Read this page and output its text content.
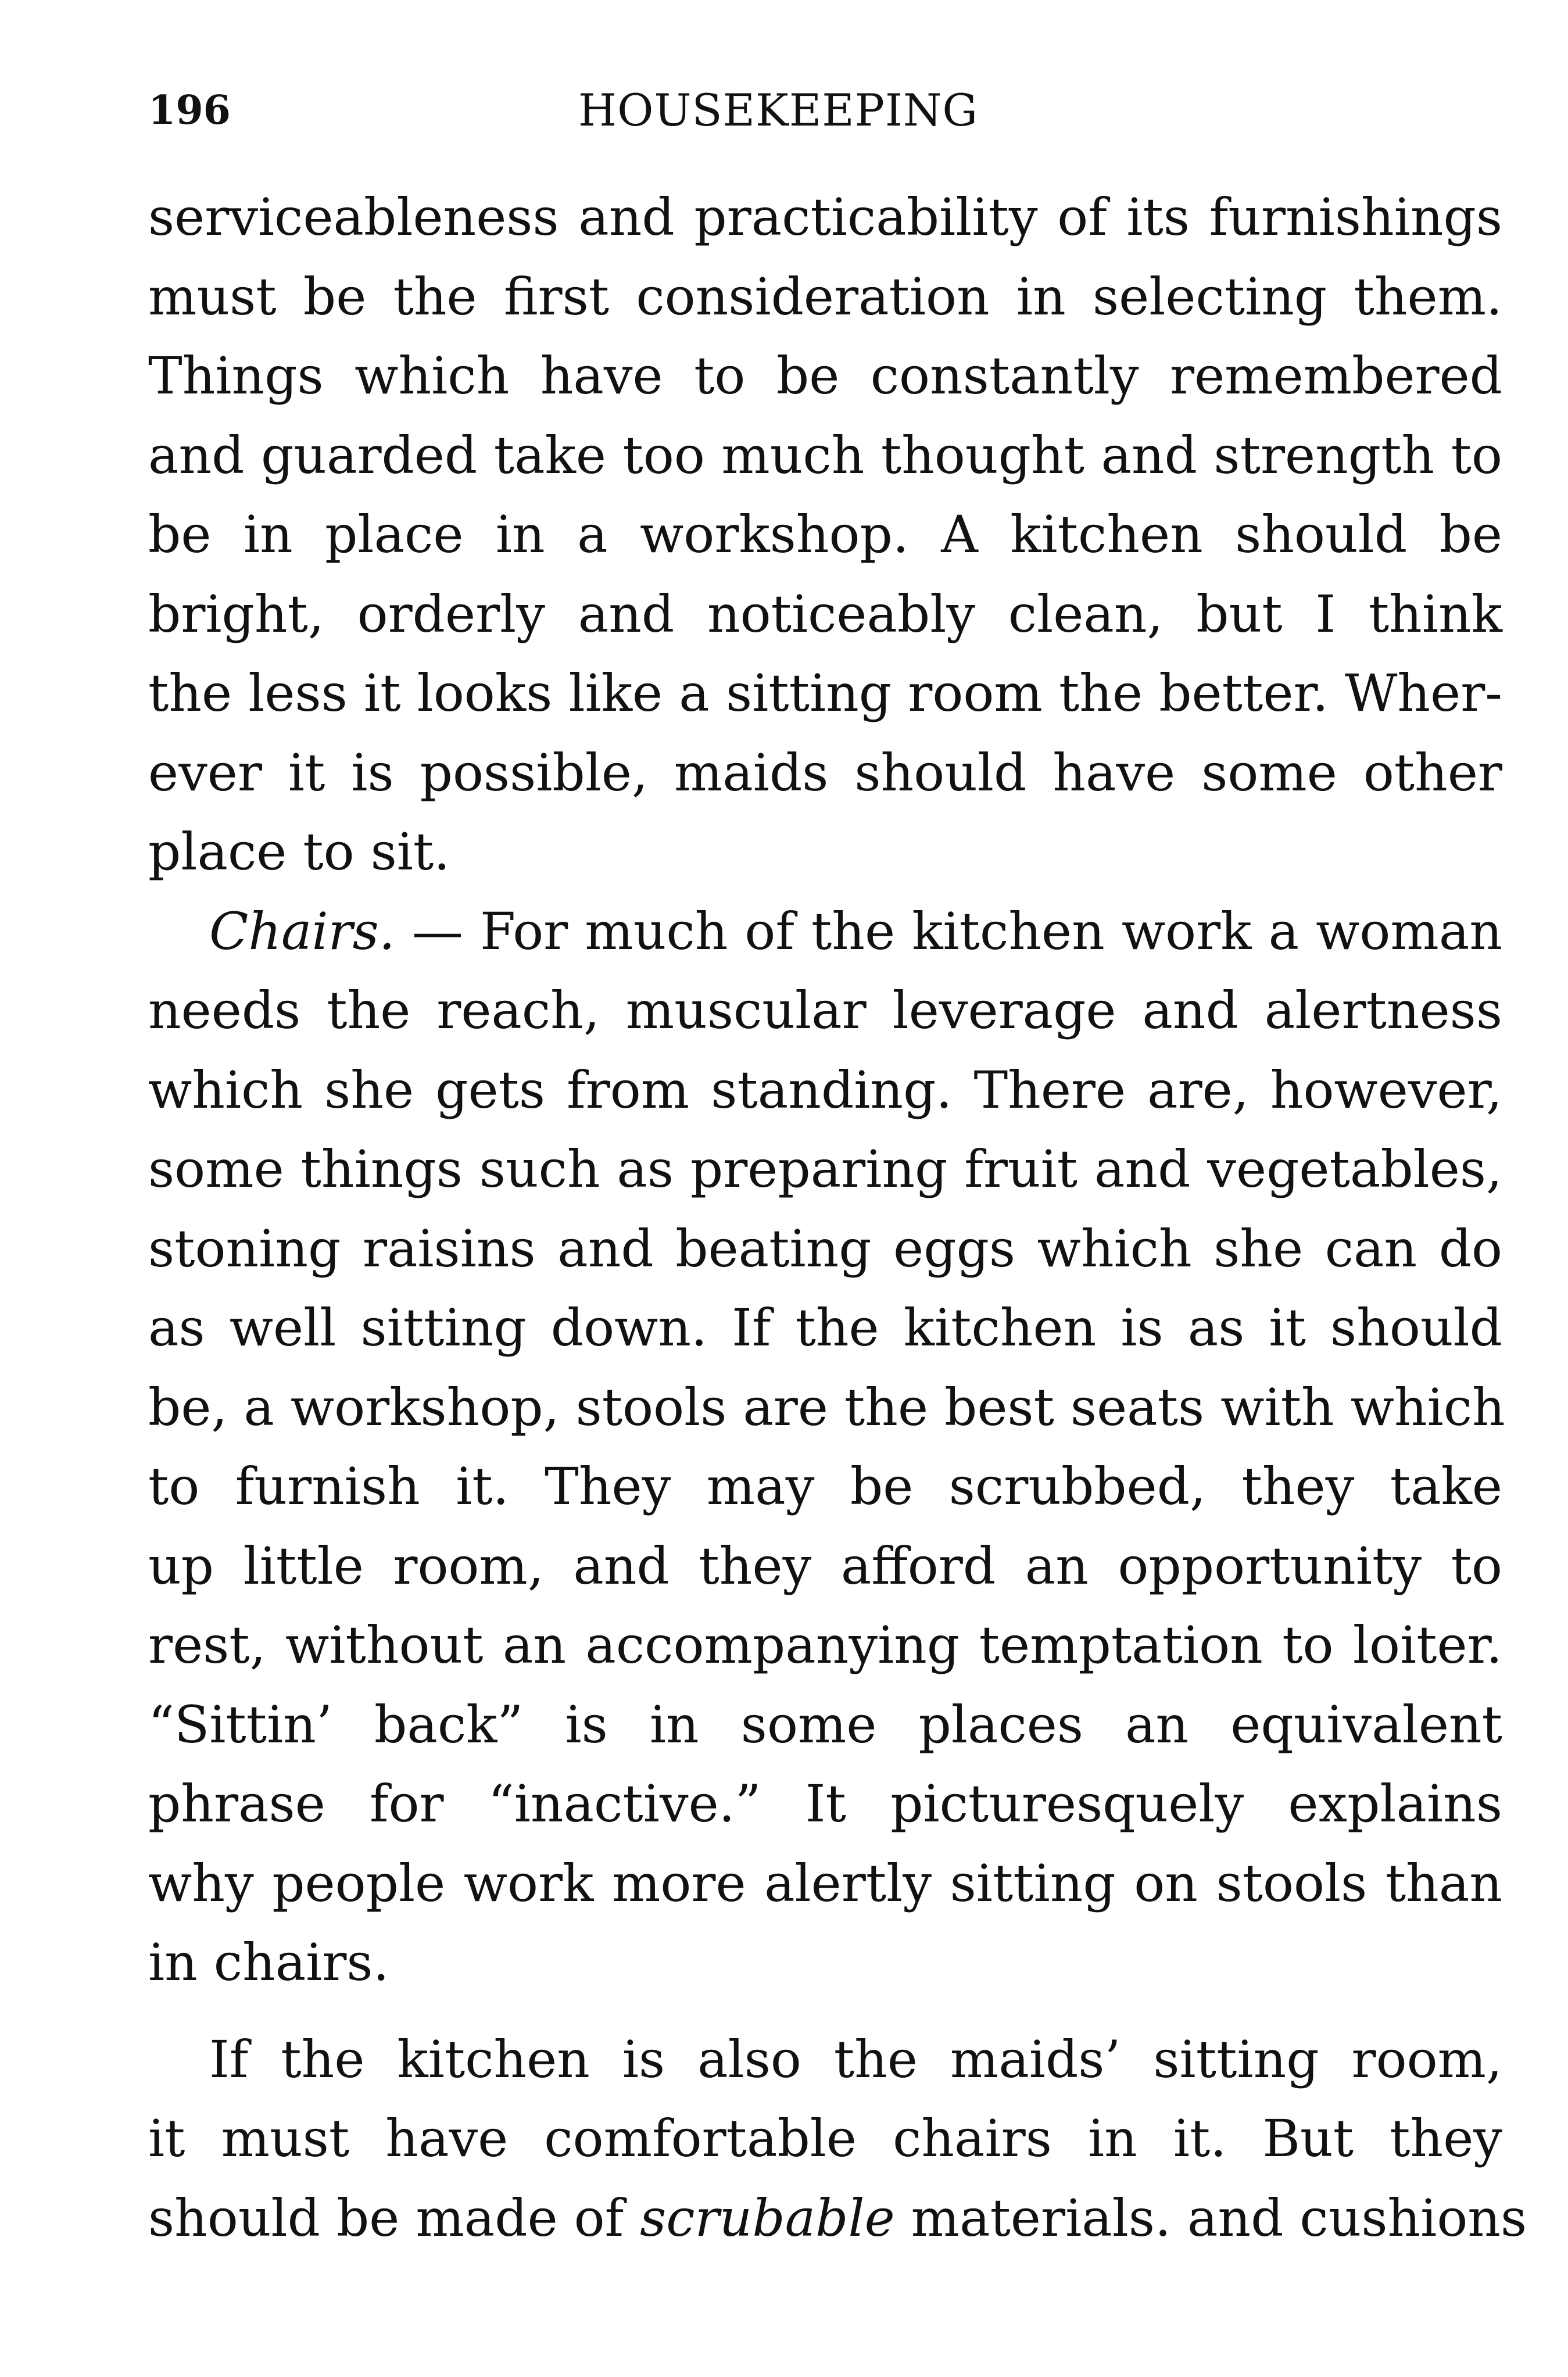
196	HOUSEKEEPING
serviceableness and practicability of its furnishings
must be the first consideration in selecting them.
Things which have to be constantly remembered
and guarded take too much thought and strength to
be in place in a workshop. A kitchen should be
bright, orderly and noticeably clean, but I think
the less it looks like a sitting room the better. Wher-
ever it is possible, maids should have some other
place to sit.
Chairs. — For much of the kitchen work a woman
needs the reach, muscular leverage and alertness
which she gets from standing. There are, however,
some things such as preparing fruit and vegetables,
stoning raisins and beating eggs which she can do
as well sitting down. If the kitchen is as it should
be, a workshop, stools are the best seats with which
to furnish it. They may be scrubbed, they take
up little room, and they afford an opportunity to
rest, without an accompanying temptation to loiter.
“Sittin’ back” is in some places an equivalent
phrase for “inactive.” It picturesquely explains
why people work more alertly sitting on stools than
in chairs.
If the kitchen is also the maids’ sitting room,
it must have comfortable chairs in it. But they
should be made of scrubable materials. and cushions
